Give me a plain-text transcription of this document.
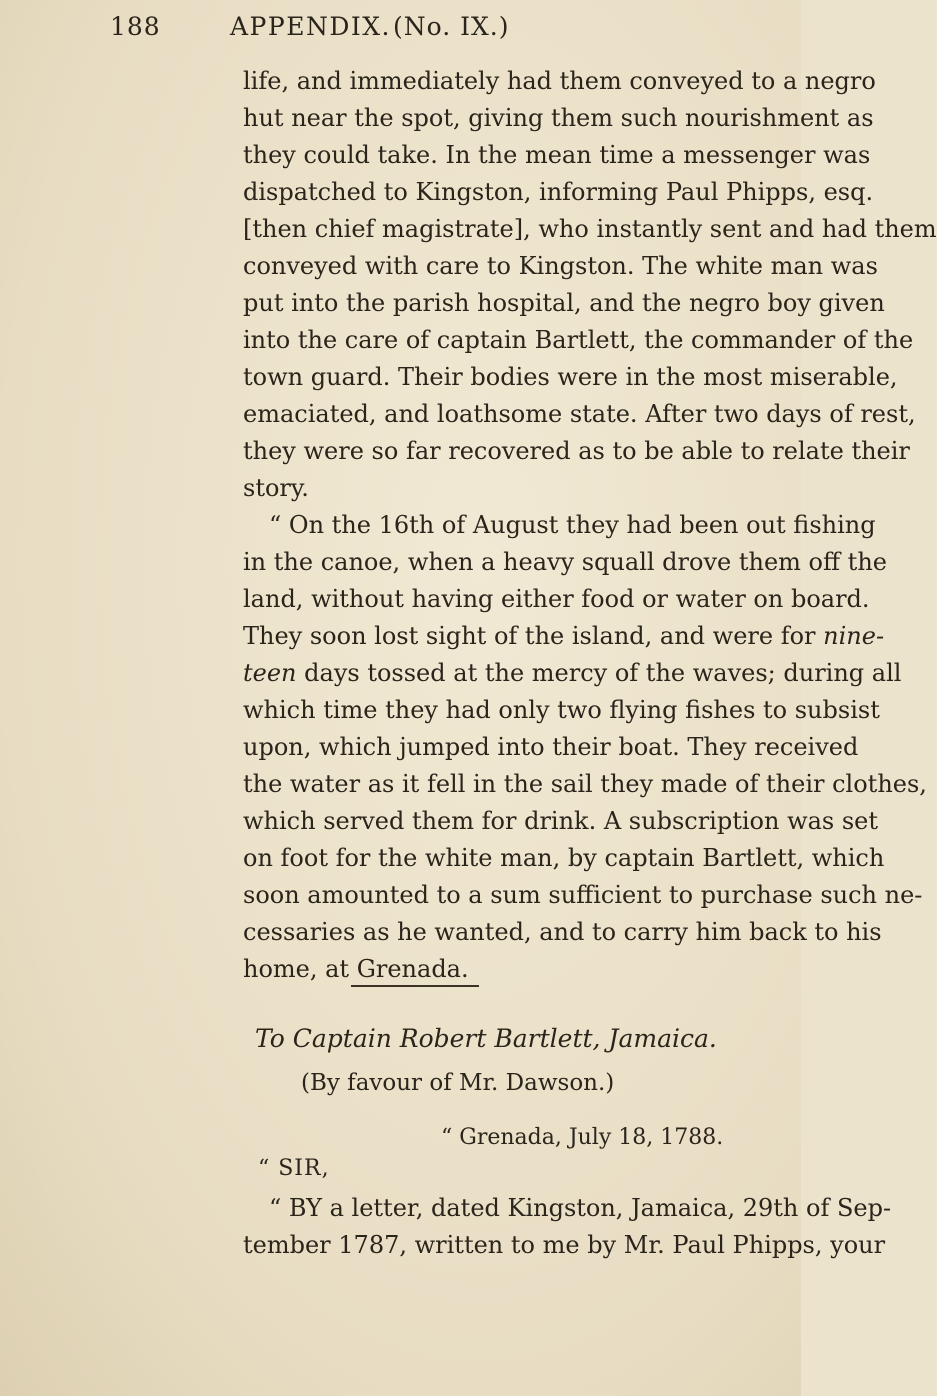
188	APPENDIX. (No. IX.)
life, and immediately had them conveyed to a negro
hut near the spot, giving them such nourishment as
they could take. In the mean time a messenger was
dispatched to Kingston, informing Paul Phipps, esq.
[then chief magistrate], who instantly sent and had them
conveyed with care to Kingston. The white man was
put into the parish hospital, and the negro boy given
into the care of captain Bartlett, the commander of the
town guard. Their bodies were in the most miserable,
emaciated, and loathsome state. After two days of rest,
they were so far recovered as to be able to relate their
story.
“ On the 16th of August they had been out fishing
in the canoe, when a heavy squall drove them off the
land, without having either food or water on board.
They soon lost sight of the island, and were for nine-
teen days tossed at the mercy of the waves; during all
which time they had only two flying fishes to subsist
upon, which jumped into their boat. They received
the water as it fell in the sail they made of their clothes,
which served them for drink. A subscription was set
on foot for the white man, by captain Bartlett, which
soon amounted to a sum sufficient to purchase such ne-
cessaries as he wanted, and to carry him back to his
home, at Grenada.
To Captain Robert Bartlett, Jamaica.
(By favour of Mr. Dawson.)
“ Grenada, July 18, 1788.
“ SIR,
“ BY a letter, dated Kingston, Jamaica, 29th of Sep-
tember 1787, written to me by Mr. Paul Phipps, your
